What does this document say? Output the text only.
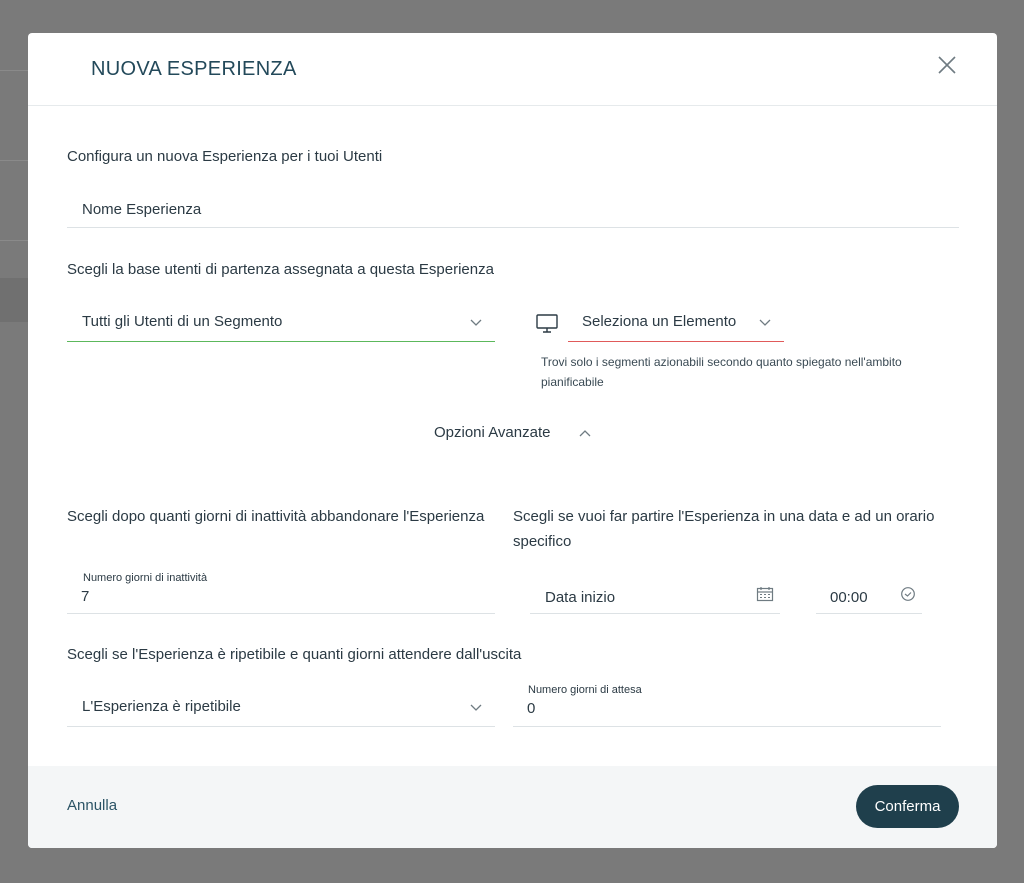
NUOVA ESPERIENZA
Configura un nuova Esperienza per i tuoi Utenti
Nome Esperienza
Scegli la base utenti di partenza assegnata a questa Esperienza
Tutti gli Utenti di un Segmento	Seleziona un Elemento
Trovi solo i segmenti azionabili secondo quanto spiegato nell'ambito pianificabile
Opzioni Avanzate
Scegli dopo quanti giorni di inattività abbandonare l'Esperienza
Numero giorni di inattività
7
Scegli se vuoi far partire l'Esperienza in una data e ad un orario specifico
Data inizio	00:00
Scegli se l'Esperienza è ripetibile e quanti giorni attendere dall'uscita
L'Esperienza è ripetibile
Numero giorni di attesa
0
Annulla	Conferma
